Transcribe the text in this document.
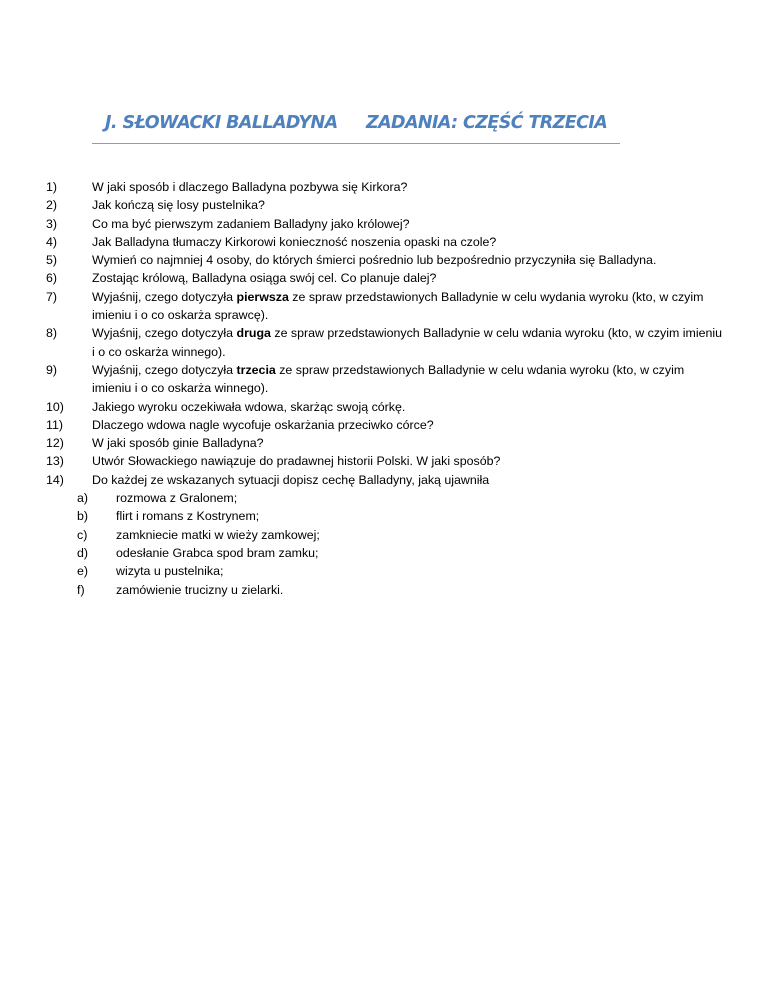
J. SŁOWACKI BALLADYNA ZADANIA: CZĘŚĆ TRZECIA
1)	W jaki sposób i dlaczego Balladyna pozbywa się Kirkora?
2)	Jak kończą się losy pustelnika?
3)	Co ma być pierwszym zadaniem Balladyny jako królowej?
4)	Jak Balladyna tłumaczy Kirkorowi konieczność noszenia opaski na czole?
5)	Wymień co najmniej 4 osoby, do których śmierci pośrednio lub bezpośrednio przyczyniła się Balladyna.
6)	Zostając królową, Balladyna osiąga swój cel. Co planuje dalej?
7)	Wyjaśnij, czego dotyczyła pierwsza ze spraw przedstawionych Balladynie w celu wydania wyroku (kto, w czyim imieniu i o co oskarża sprawcę).
8)	Wyjaśnij, czego dotyczyła druga ze spraw przedstawionych Balladynie w celu wdania wyroku (kto, w czyim imieniu i o co oskarża winnego).
9)	Wyjaśnij, czego dotyczyła trzecia ze spraw przedstawionych Balladynie w celu wdania wyroku (kto, w czyim imieniu i o co oskarża winnego).
10)	Jakiego wyroku oczekiwała wdowa, skarżąc swoją córkę.
11)	Dlaczego wdowa nagle wycofuje oskarżania przeciwko córce?
12)	W jaki sposób ginie Balladyna?
13)	Utwór Słowackiego nawiązuje do pradawnej historii Polski. W jaki sposób?
14)	Do każdej ze wskazanych sytuacji dopisz cechę Balladyny, jaką ujawniła
a) rozmowa z Gralonem;
b) flirt i romans z Kostrynem;
c) zamkniecie matki w wieży zamkowej;
d) odesłanie Grabca spod bram zamku;
e) wizyta u pustelnika;
f)	zamówienie trucizny u zielarki.
